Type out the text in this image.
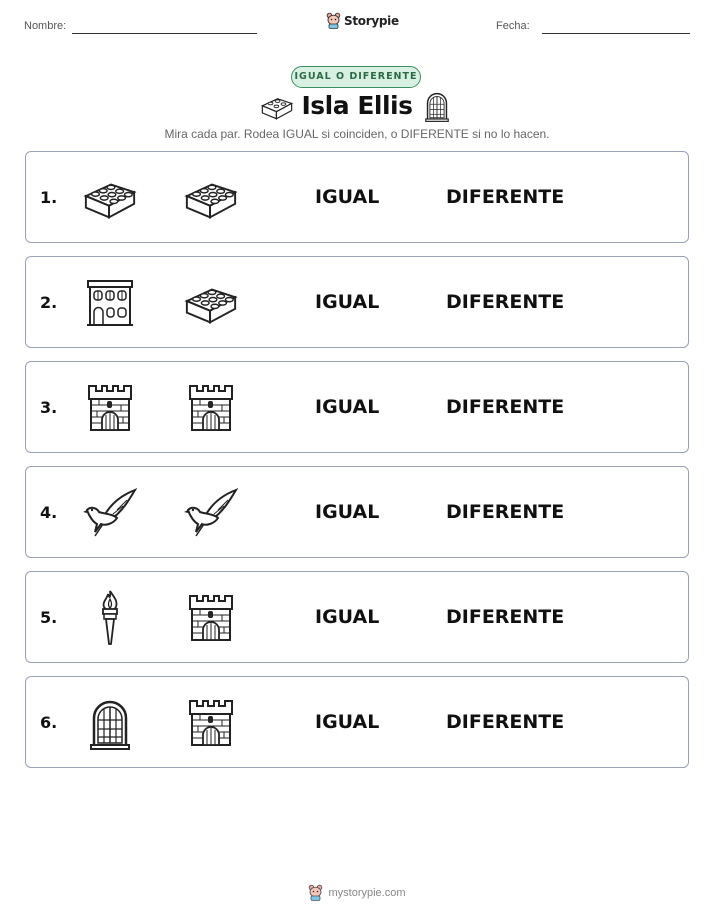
Nombre:	Storypie	Fecha:
IGUAL O DIFERENTE
Isla Ellis
Mira cada par. Rodea IGUAL si coinciden, o DIFERENTE si no lo hacen.
1.	IGUAL	DIFERENTE
2.	IGUAL	DIFERENTE
3.	IGUAL	DIFERENTE
4.	IGUAL	DIFERENTE
5.	IGUAL	DIFERENTE
6.	IGUAL	DIFERENTE
mystorypie.com
